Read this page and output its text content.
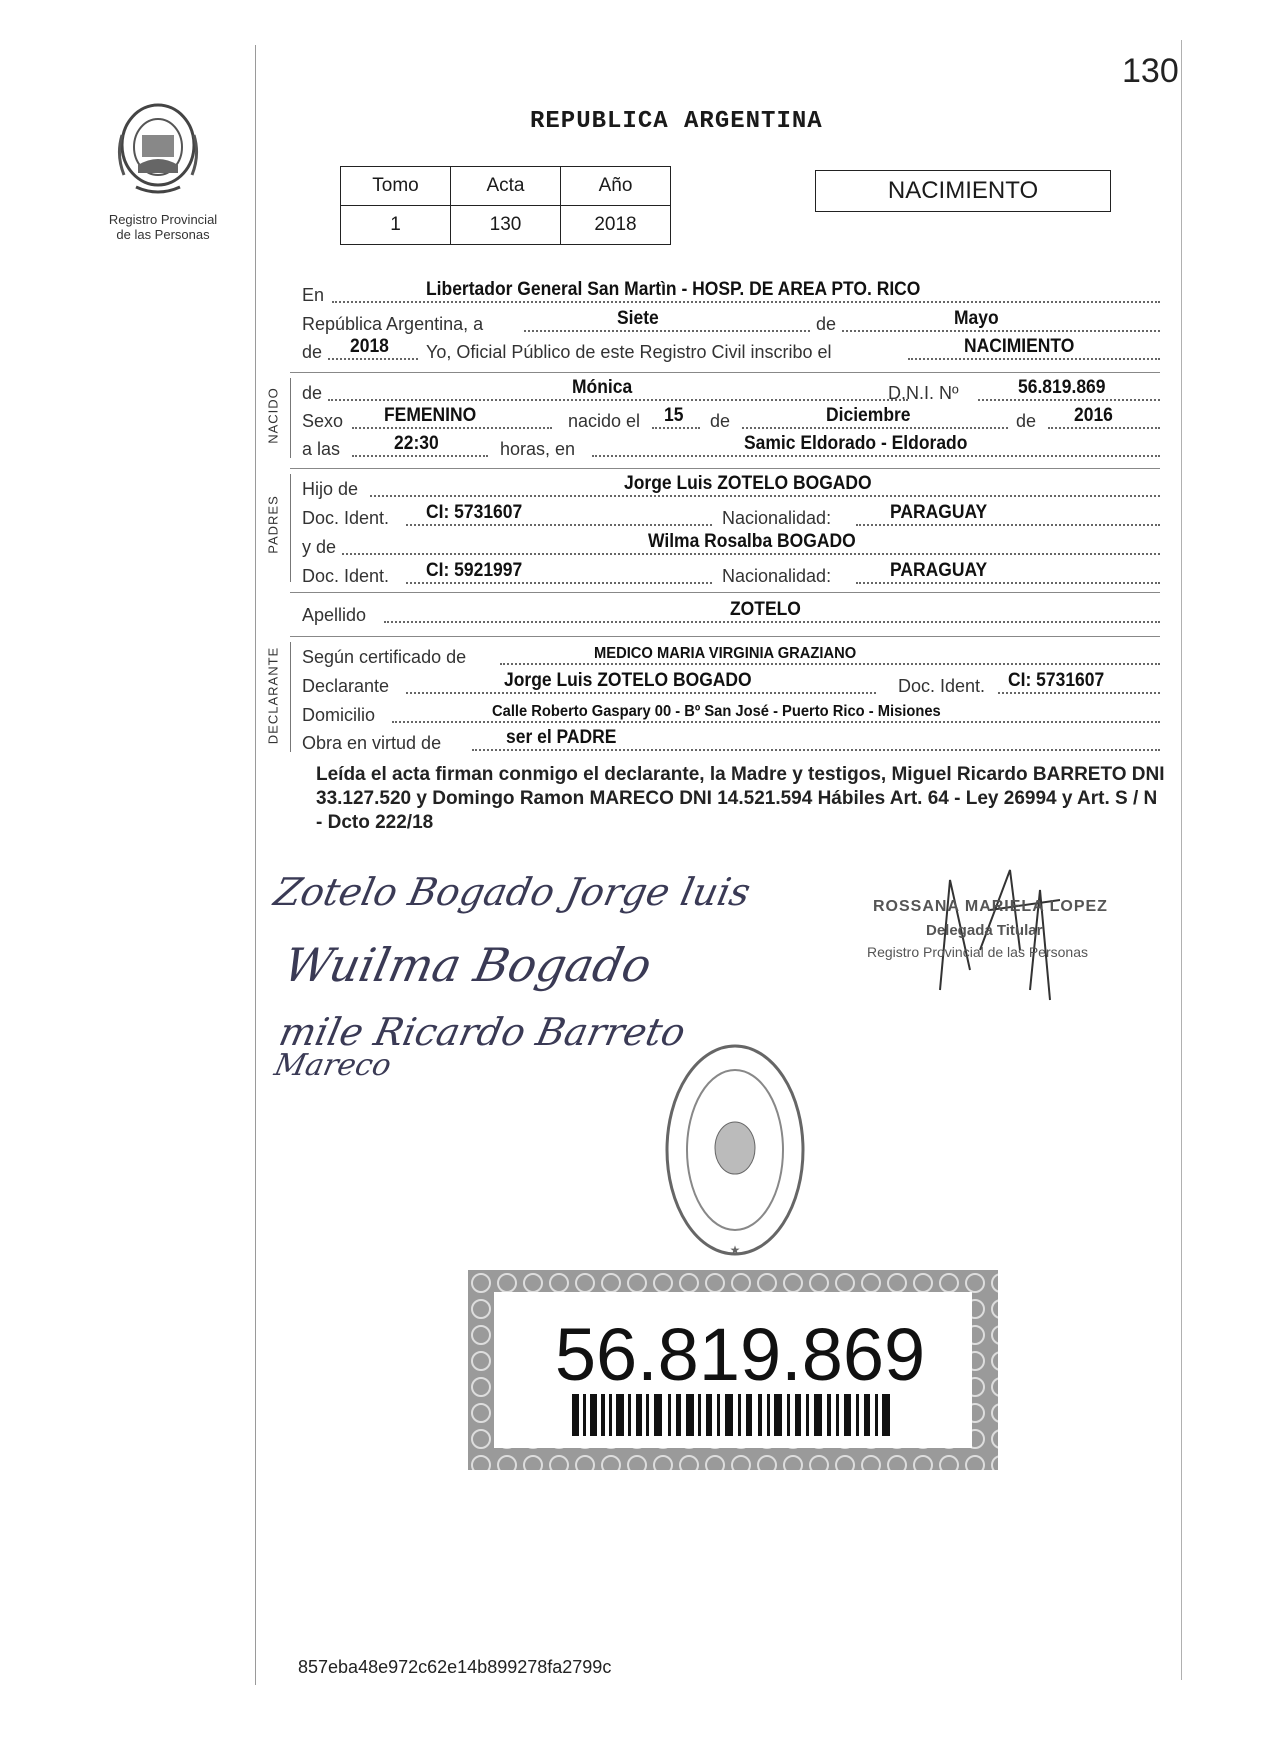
130
Registro Provincial
de las Personas
REPUBLICA ARGENTINA
Tomo	Acta	Año
1	130	2018
NACIMIENTO
En	Libertador General San Martìn - HOSP. DE AREA PTO. RICO
República Argentina, a	Siete	de	Mayo
de 2018 Yo, Oficial Público de este Registro Civil inscribo el	NACIMIENTO
NACIDO de	Mónica	D.N.I. Nº	56.819.869
Sexo FEMENINO	nacido el 15 de	Diciembre	de 2016
a las	22:30	horas, en	Samic Eldorado - Eldorado
PADRES
Hijo de	Jorge Luis ZOTELO BOGADO
Doc. Ident. CI: 5731607	Nacionalidad:	PARAGUAY
y de	Wilma Rosalba BOGADO
Doc. Ident. CI: 5921997	Nacionalidad:	PARAGUAY
Apellido	ZOTELO
DECLARANTE Según certificado de	MEDICO MARIA VIRGINIA GRAZIANO
Declarante	Jorge Luis ZOTELO BOGADO	Doc. Ident. CI: 5731607
Domicilio	Calle Roberto Gaspary 00 - Bº San José - Puerto Rico - Misiones
Obra en virtud de	ser el PADRE
Leída el acta firman conmigo el declarante, la Madre y testigos, Miguel Ricardo BARRETO DNI 33.127.520 y Domingo Ramon MARECO DNI 14.521.594 Hábiles Art. 64 - Ley 26994 y Art. S / N - Dcto 222/18
Zotelo Bogado Jorge luis
Wuilma Bogado
mile Ricardo Barreto
Mareco
ROSSANA MARIELA LOPEZ
Delegada Titular
Registro Provincial de las Personas
★
56.819.869
857eba48e972c62e14b899278fa2799c
